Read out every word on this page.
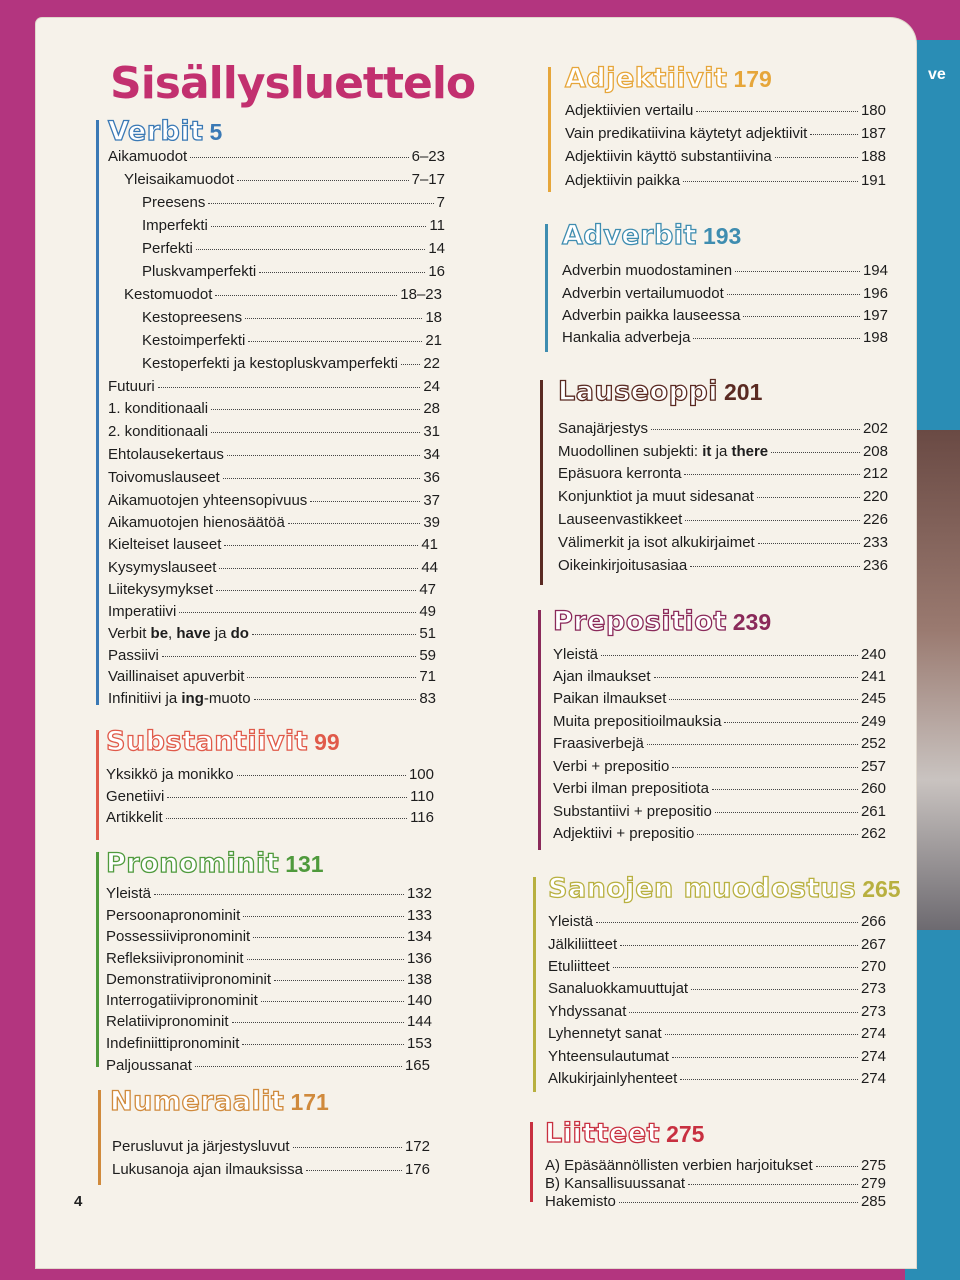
ve
Sisällysluettelo
Verbit 5
Aikamuodot	6–23
Yleisaikamuodot	7–17
Preesens	7
Imperfekti	11
Perfekti	14
Pluskvamperfekti	16
Kestomuodot	18–23
Kestopreesens	18
Kestoimperfekti	21
Kestoperfekti ja kestopluskvamperfekti 22
Futuuri	24
1. konditionaali	28
2. konditionaali	31
Ehtolausekertaus	34
Toivomuslauseet	36
Aikamuotojen yhteensopivuus	37
Aikamuotojen hienosäätöä	39
Kielteiset lauseet	41
Kysymyslauseet	44
Liitekysymykset	47
Imperatiivi	49
Verbit be, have ja do	51
Passiivi	59
Vaillinaiset apuverbit	71
Infinitiivi ja ing-muoto	83
Substantiivit 99
Yksikkö ja monikko	100
Genetiivi	110
Artikkelit	116
Pronominit 131
Yleistä	132
Persoonapronominit	133
Possessiivipronominit	134
Refleksiivipronominit	136
Demonstratiivipronominit	138
Interrogatiivipronominit	140
Relatiivipronominit	144
Indefiniittipronominit	153
Paljoussanat	165
Numeraalit 171
Perusluvut ja järjestysluvut	172
Lukusanoja ajan ilmauksissa	176
Adjektiivit 179
Adjektiivien vertailu	180
Vain predikatiivina käytetyt adjektiivit	187
Adjektiivin käyttö substantiivina	188
Adjektiivin paikka	191
Adverbit 193
Adverbin muodostaminen	194
Adverbin vertailumuodot	196
Adverbin paikka lauseessa	197
Hankalia adverbeja	198
Lauseoppi 201
Sanajärjestys	202
Muodollinen subjekti: it ja there	208
Epäsuora kerronta	212
Konjunktiot ja muut sidesanat	220
Lauseenvastikkeet	226
Välimerkit ja isot alkukirjaimet	233
Oikeinkirjoitusasiaa	236
Prepositiot 239
Yleistä	240
Ajan ilmaukset	241
Paikan ilmaukset	245
Muita prepositioilmauksia	249
Fraasiverbejä	252
Verbi + prepositio	257
Verbi ilman prepositiota	260
Substantiivi + prepositio	261
Adjektiivi + prepositio	262
Sanojen muodostus 265
Yleistä	266
Jälkiliitteet	267
Etuliitteet	270
Sanaluokkamuuttujat	273
Yhdyssanat	273
Lyhennetyt sanat	274
Yhteensulautumat	274
Alkukirjainlyhenteet	274
Liitteet 275
A) Epäsäännöllisten verbien harjoitukset	275
B) Kansallisuussanat	279
Hakemisto	285
4
